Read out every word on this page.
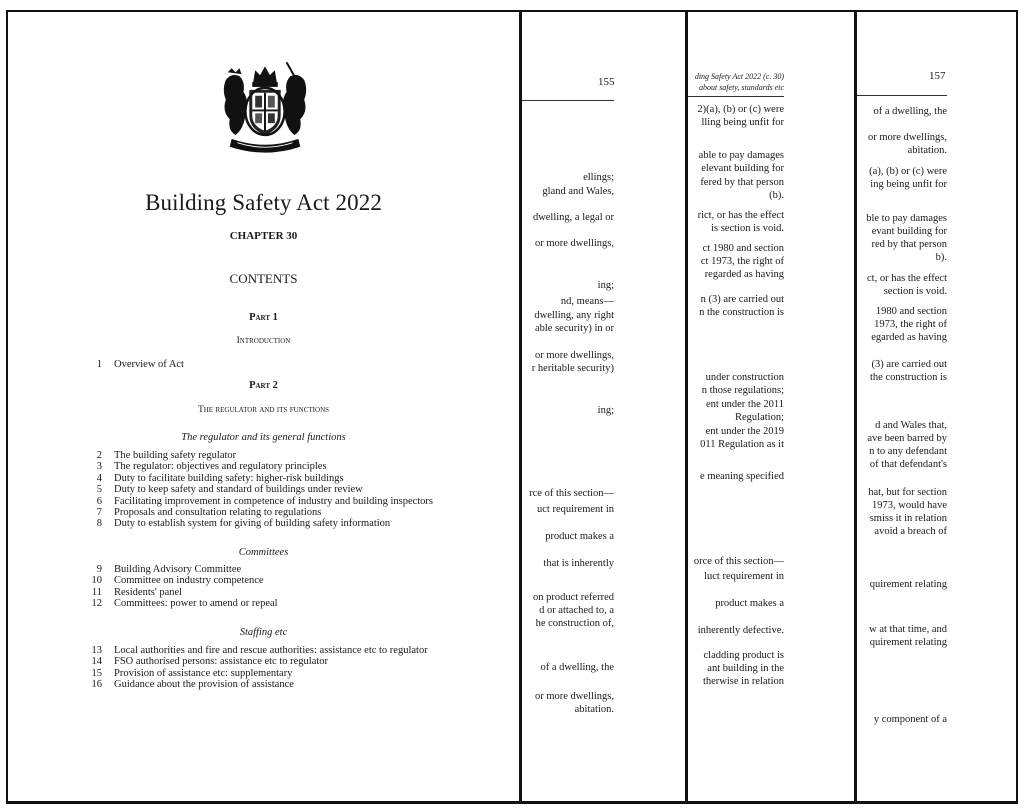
Building Safety Act 2022
CHAPTER 30
CONTENTS
Part 1
Introduction
1	Overview of Act
Part 2
The regulator and its functions
The regulator and its general functions
2	The building safety regulator
3	The regulator: objectives and regulatory principles
4	Duty to facilitate building safety: higher-risk buildings
5	Duty to keep safety and standard of buildings under review
6	Facilitating improvement in competence of industry and building inspectors
7	Proposals and consultation relating to regulations
8	Duty to establish system for giving of building safety information
Committees
9	Building Advisory Committee
10	Committee on industry competence
11	Residents' panel
12	Committees: power to amend or repeal
Staffing etc
13	Local authorities and fire and rescue authorities: assistance etc to regulator
14	FSO authorised persons: assistance etc to regulator
15	Provision of assistance etc: supplementary
16	Guidance about the provision of assistance
155
ellings;
gland and Wales,
dwelling, a legal or
or more dwellings,
ing;
nd, means—
dwelling, any right
able security) in or
or more dwellings,
r heritable security)
ing;
rce of this section—
uct requirement in
product makes a
that is inherently
on product referred
d or attached to, a
he construction of,
of a dwelling, the
or more dwellings,
abitation.
ding Safety Act 2022 (c. 30)
about safety, standards etc
2)(a), (b) or (c) were
lling being unfit for
able to pay damages
elevant building for
fered by that person
(b).
rict, or has the effect
is section is void.
ct 1980 and section
ct 1973, the right of
regarded as having
n (3) are carried out
n the construction is
under construction
n those regulations;
ent under the 2011
Regulation;
ent under the 2019
011 Regulation as it
e meaning specified
orce of this section—
luct requirement in
product makes a
inherently defective.
cladding product is
ant building in the
therwise in relation
157
of a dwelling, the
or more dwellings,
abitation.
(a), (b) or (c) were
ing being unfit for
ble to pay damages
evant building for
red by that person
b).
ct, or has the effect
section is void.
1980 and section
1973, the right of
egarded as having
(3) are carried out
the construction is
d and Wales that,
ave been barred by
n to any defendant
of that defendant's
hat, but for section
1973, would have
smiss it in relation
avoid a breach of
quirement relating
w at that time, and
quirement relating
y component of a
